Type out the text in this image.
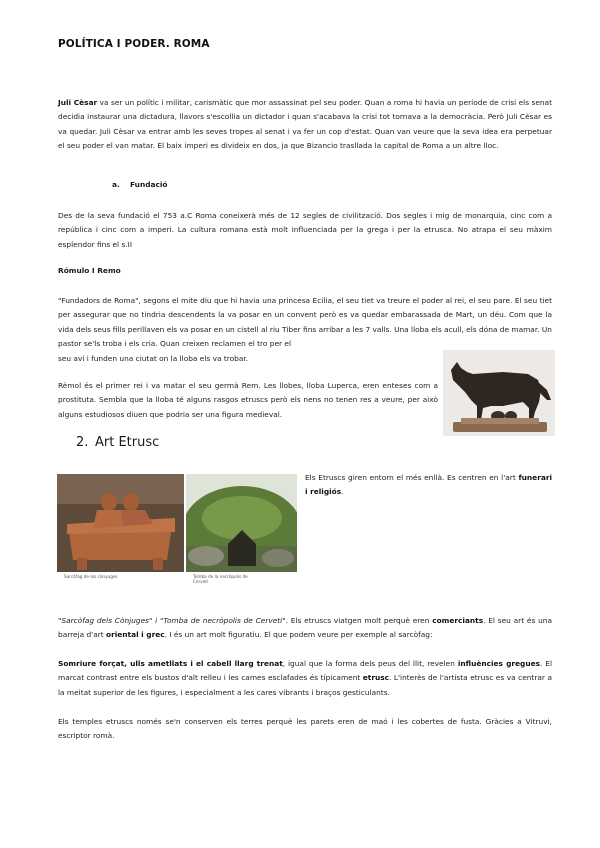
POLÍTICA I PODER. ROMA

Juli Cèsar va ser un polític i militar, carismàtic que mor assassinat pel seu poder. Quan a roma hi havia un període de crisi els senat decidia instaurar una dictadura, llavors s'escollia un dictador i quan s'acabava la crisi tot tornava a la democràcia. Però Juli Cèsar es va quedar. Juli Cèsar va entrar amb les seves tropes al senat i va fer un cop d'estat. Quan van veure que la seva idea era perpetuar el seu poder el van matar. El baix imperi es divideix en dos, ja que Bizancio trasllada la capital de Roma a un altre lloc.

a. Fundació

Des de la seva fundació el 753 a.C Roma coneixerà més de 12 segles de civilització. Dos segles i mig de monarquia, cinc com a república i cinc com a imperi. La cultura romana està molt influenciada per la grega i per la etrusca. No atrapa el seu màxim esplendor fins el s.II

Rómulo I Remo

"Fundadors de Roma", segons el mite diu que hi havia una princesa Ecilia, el seu tiet va treure el poder al rei, el seu pare. El seu tiet per assegurar que no tindria descendents la va posar en un convent però es va quedar embarassada de Mart, un déu. Com que la vida dels seus fills perillaven els va posar en un cistell al riu Tiber fins arribar a les 7 valls. Una lloba els acull, els dóna de mamar. Un pastor se'ls troba i els cria. Quan creixen reclamen el tro per el
seu avi i funden una ciutat on la lloba els va trobar.

Rèmol és el primer rei i va matar el seu germà Rem. Les llobes, lloba Luperca, eren enteses com a prostituta. Sembla que la lloba té alguns rasgos etruscs però els nens no tenen res a veure, per això alguns estudiosos diuen que podria ser una figura medieval.

2. Art Etrusc
Sarcòfag de los cònyuges	Tomba de la necròpolis de Cerveti

Els Etruscs giren entorn el més enllà. Es centren en l'art funerari i religiós.

"Sarcòfag dels Cònjuges" i "Tomba de necròpolis de Cerveti". Els etruscs viatgen molt perquè eren comerciants. El seu art és una barreja d'art oriental i grec. I és un art molt figuratiu. El que podem veure per exemple al sarcòfag:

Somriure forçat, ulls ametllats i el cabell llarg trenat, igual que la forma dels peus del llit, revelen influències gregues. El marcat contrast entre els bustos d'alt relleu i les cames esclafades és típicament etrusc. L'interès de l'artista etrusc es va centrar a la meitat superior de les figures, i especialment a les cares vibrants i braços gesticulants.

Els temples etruscs només se'n conserven els terres perquè les parets eren de maó i les cobertes de fusta. Gràcies a Vitruvi, escriptor romà.
